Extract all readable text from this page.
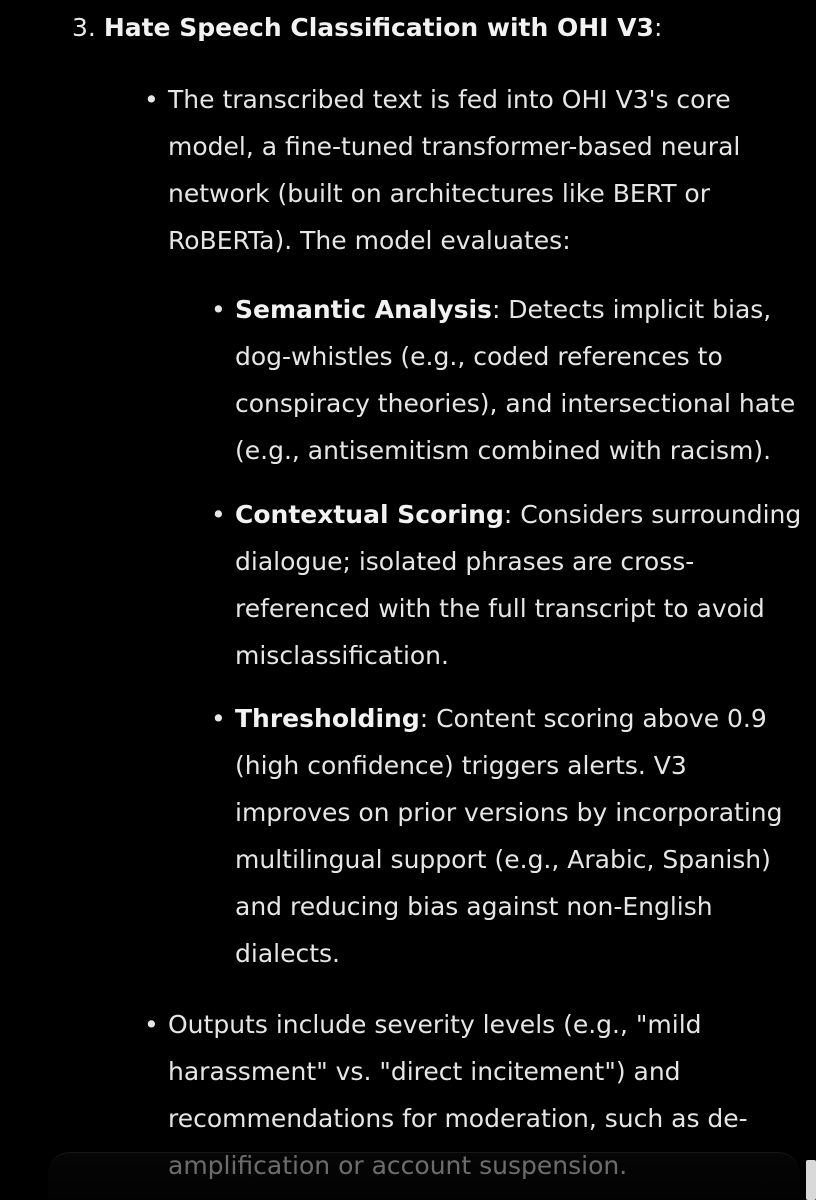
3. Hate Speech Classification with OHI V3:
• The transcribed text is fed into OHI V3's core
model, a fine-tuned transformer-based neural
network (built on architectures like BERT or
RoBERTa). The model evaluates:
• Semantic Analysis: Detects implicit bias,
dog-whistles (e.g., coded references to
conspiracy theories), and intersectional hate
(e.g., antisemitism combined with racism).
• Contextual Scoring: Considers surrounding
dialogue; isolated phrases are cross-
referenced with the full transcript to avoid
misclassification.
• Thresholding: Content scoring above 0.9
(high confidence) triggers alerts. V3
improves on prior versions by incorporating
multilingual support (e.g., Arabic, Spanish)
and reducing bias against non-English
dialects.
• Outputs include severity levels (e.g., "mild
harassment" vs. "direct incitement") and
recommendations for moderation, such as de-
